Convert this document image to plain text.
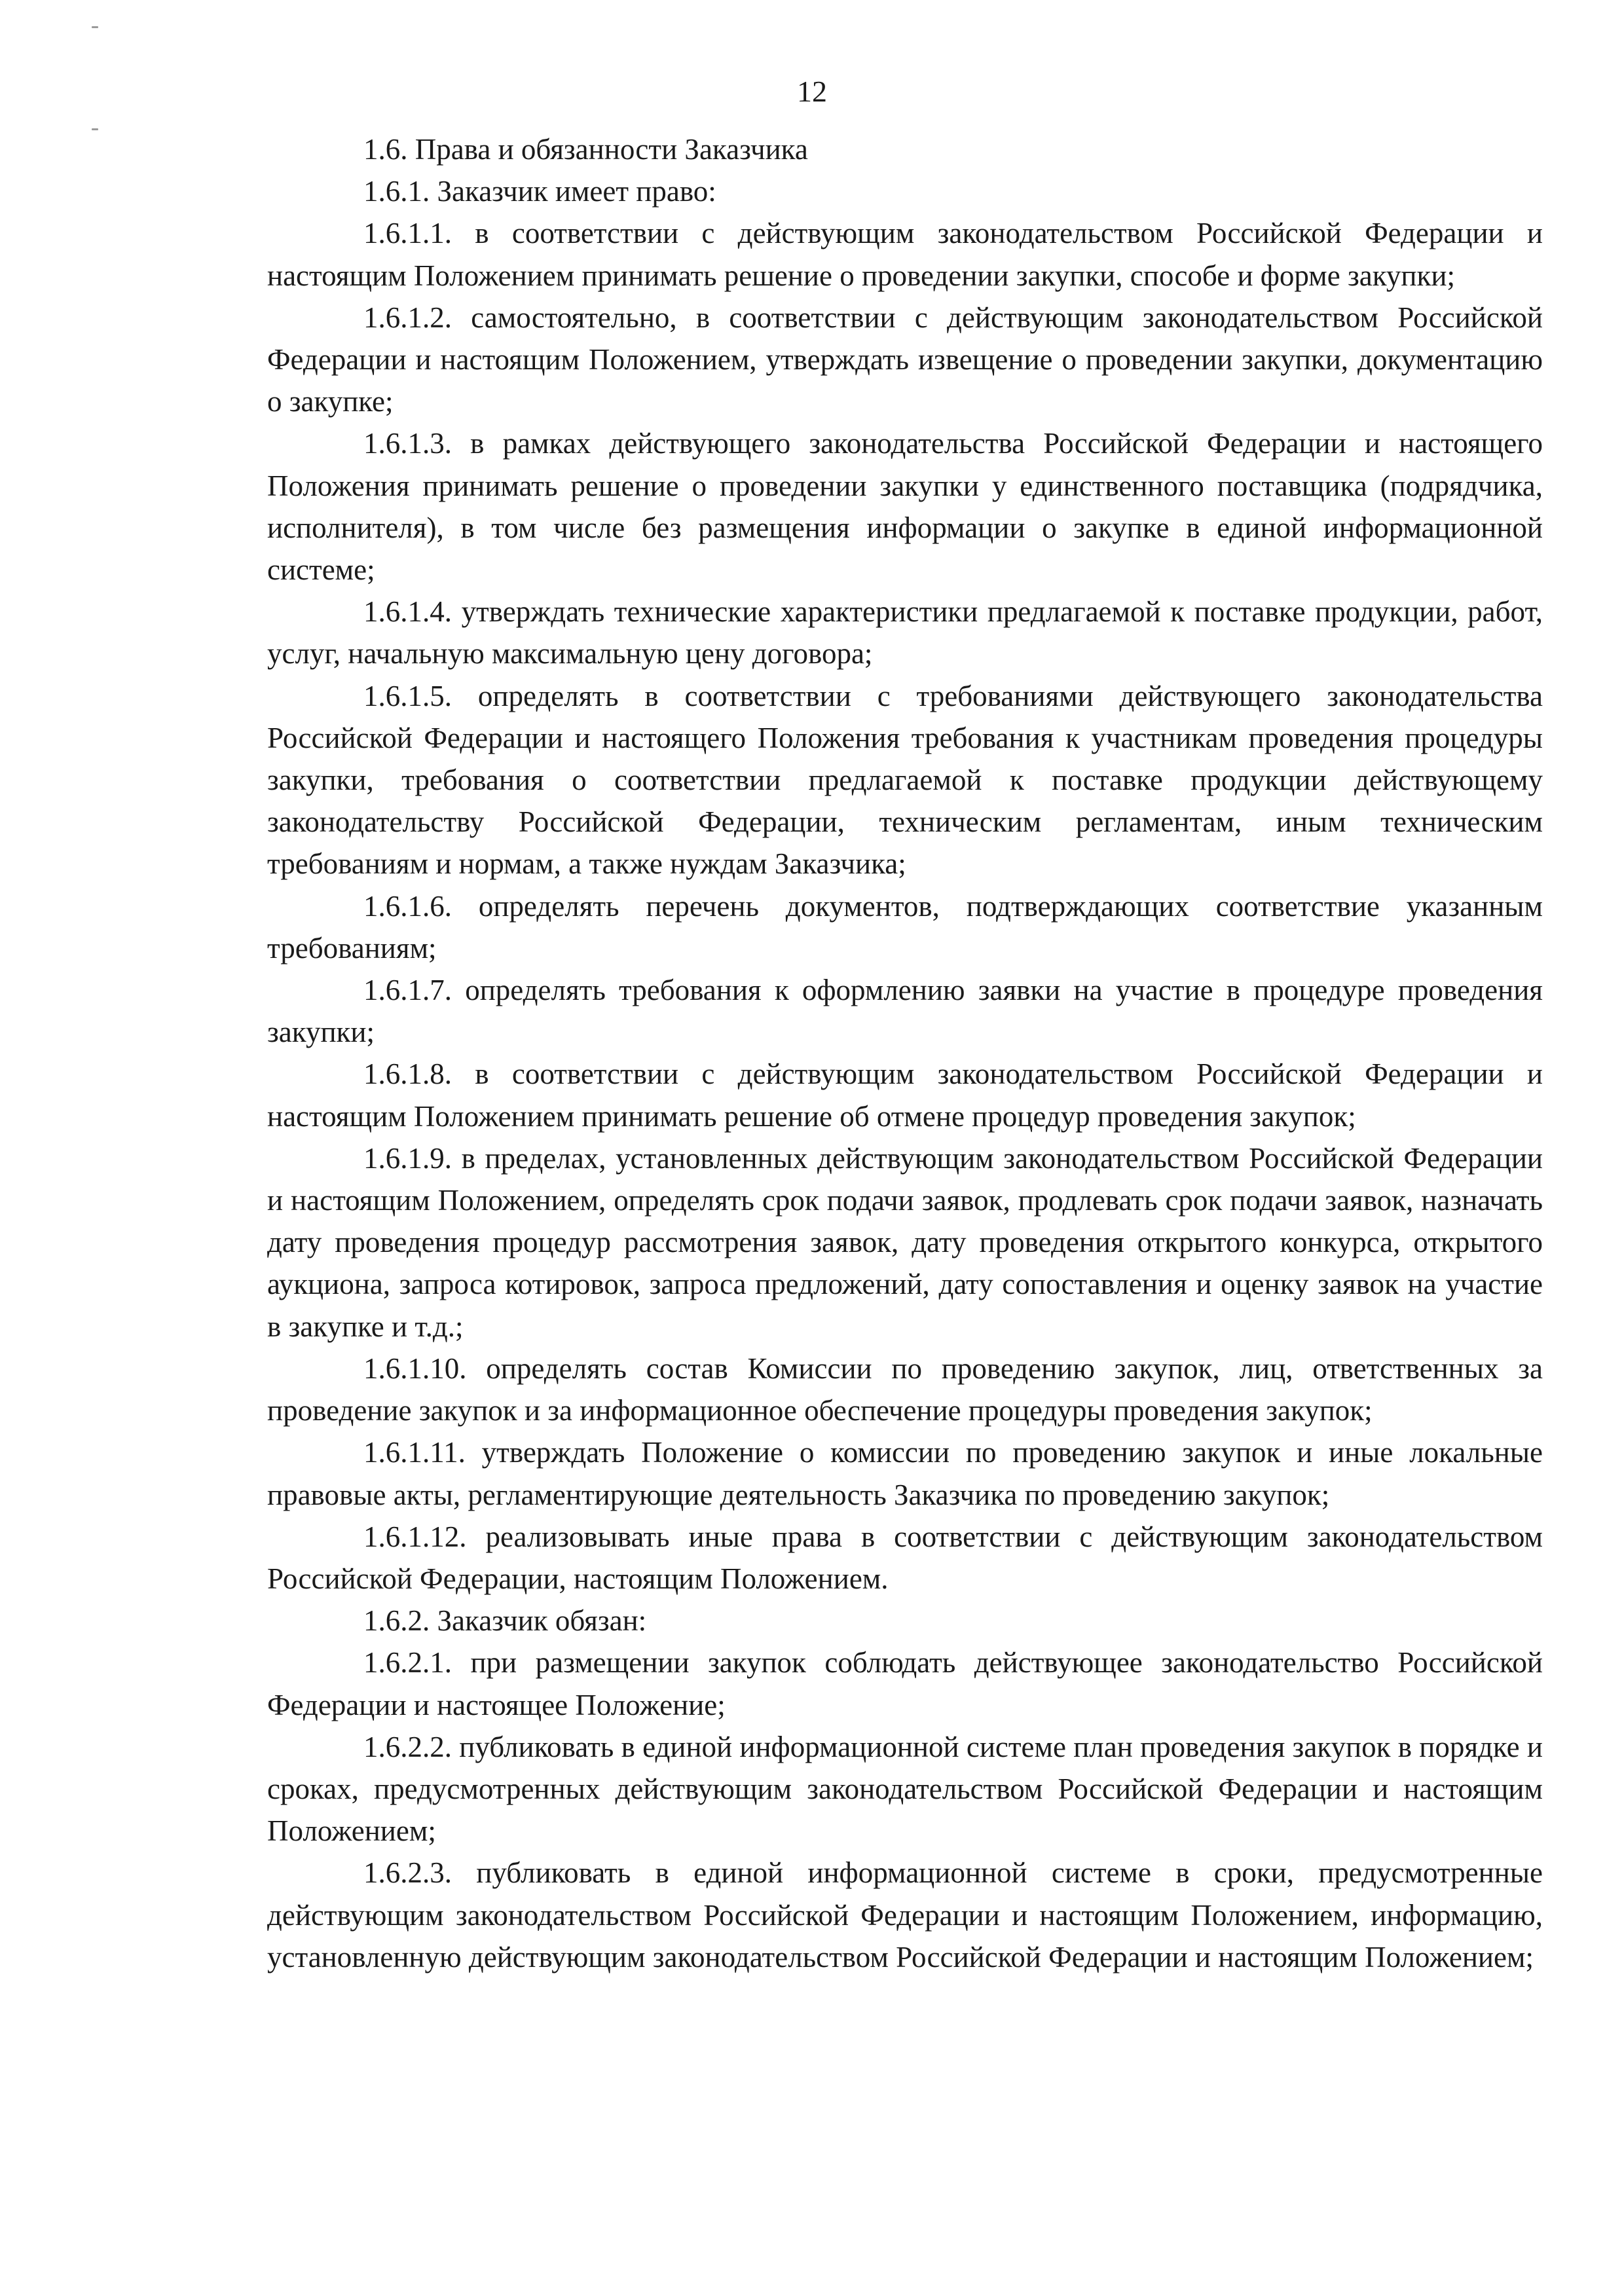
12

1.6. Права и обязанности Заказчика

1.6.1. Заказчик имеет право:

1.6.1.1. в соответствии с действующим законодательством Российской Федерации и настоящим Положением принимать решение о проведении закупки, способе и форме закупки;

1.6.1.2. самостоятельно, в соответствии с действующим законодательством Российской Федерации и настоящим Положением, утверждать извещение о проведении закупки, документацию о закупке;

1.6.1.3. в рамках действующего законодательства Российской Федерации и настоящего Положения принимать решение о проведении закупки у единственного поставщика (подрядчика, исполнителя), в том числе без размещения информации о закупке в единой информационной системе;

1.6.1.4. утверждать технические характеристики предлагаемой к поставке продукции, работ, услуг, начальную максимальную цену договора;

1.6.1.5. определять в соответствии с требованиями действующего законодательства Российской Федерации и настоящего Положения требования к участникам проведения процедуры закупки, требования о соответствии предлагаемой к поставке продукции действующему законодательству Российской Федерации, техническим регламентам, иным техническим требованиям и нормам, а также нуждам Заказчика;

1.6.1.6. определять перечень документов, подтверждающих соответствие указанным требованиям;

1.6.1.7. определять требования к оформлению заявки на участие в процедуре проведения закупки;

1.6.1.8. в соответствии с действующим законодательством Российской Федерации и настоящим Положением принимать решение об отмене процедур проведения закупок;

1.6.1.9. в пределах, установленных действующим законодательством Российской Федерации и настоящим Положением, определять срок подачи заявок, продлевать срок подачи заявок, назначать дату проведения процедур рассмотрения заявок, дату проведения открытого конкурса, открытого аукциона, запроса котировок, запроса предложений, дату сопоставления и оценку заявок на участие в закупке и т.д.;

1.6.1.10. определять состав Комиссии по проведению закупок, лиц, ответственных за проведение закупок и за информационное обеспечение процедуры проведения закупок;

1.6.1.11. утверждать Положение о комиссии по проведению закупок и иные локальные правовые акты, регламентирующие деятельность Заказчика по проведению закупок;

1.6.1.12. реализовывать иные права в соответствии с действующим законодательством Российской Федерации, настоящим Положением.

1.6.2. Заказчик обязан:

1.6.2.1. при размещении закупок соблюдать действующее законодательство Российской Федерации и настоящее Положение;

1.6.2.2. публиковать в единой информационной системе план проведения закупок в порядке и сроках, предусмотренных действующим законодательством Российской Федерации и настоящим Положением;

1.6.2.3. публиковать в единой информационной системе в сроки, предусмотренные действующим законодательством Российской Федерации и настоящим Положением, информацию, установленную действующим законодательством Российской Федерации и настоящим Положением;
